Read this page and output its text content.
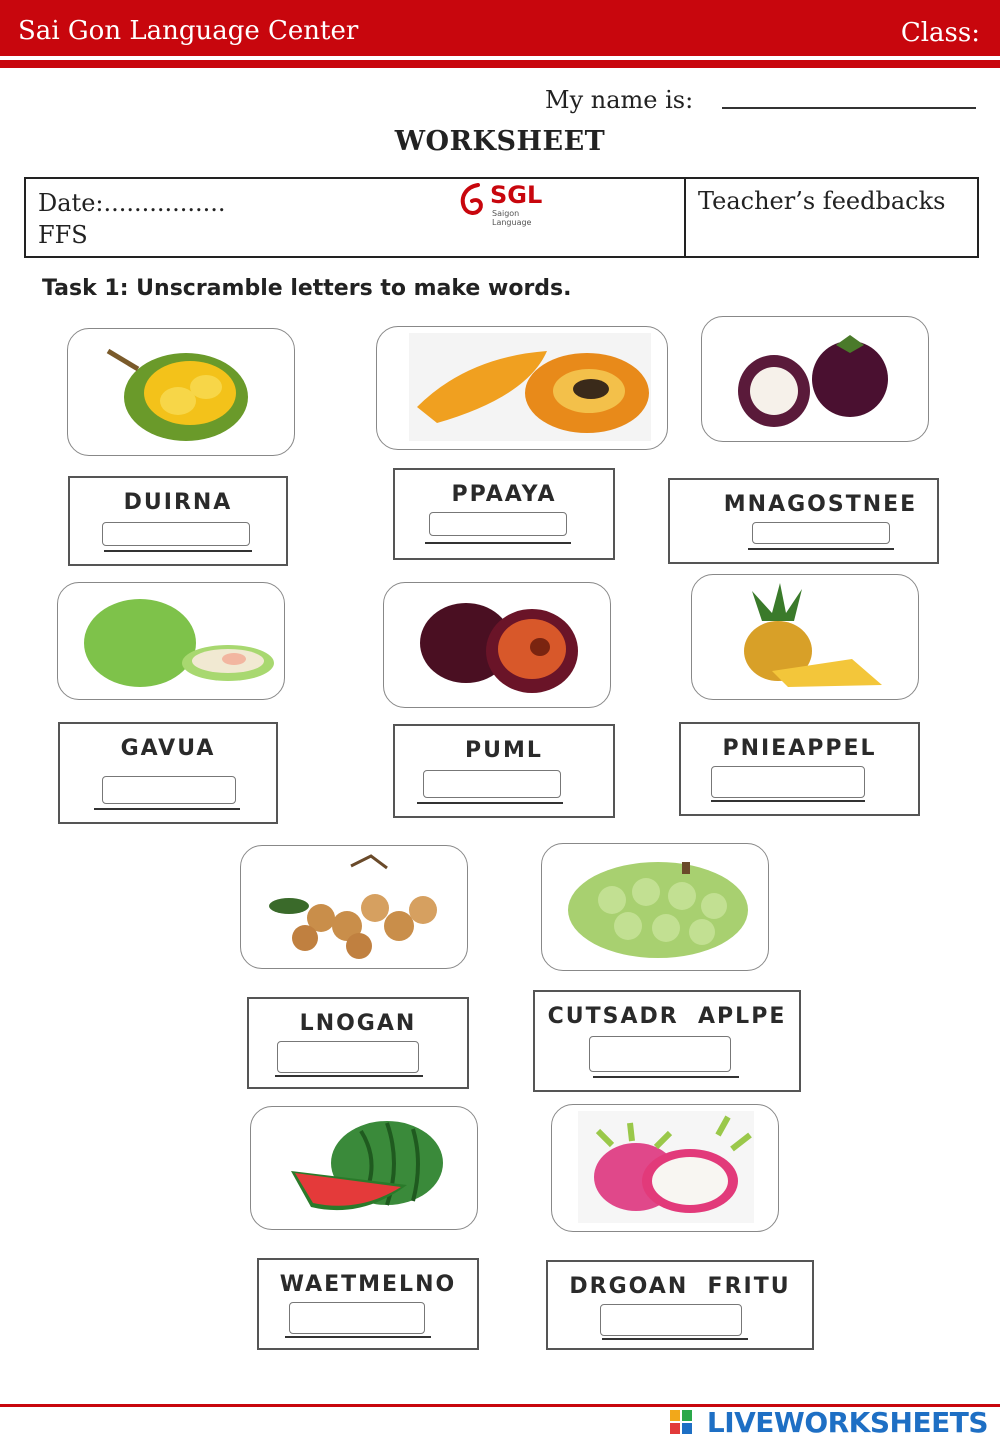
Sai Gon Language Center	Class:
My name is:
WORKSHEET
Date:................
FFS
SGL
Saigon Language
Teacher’s feedbacks
Task 1: Unscramble letters to make words.
DUIRNA	PPAAYA	MNAGOSTNEE
GAVUA	PUML	PNIEAPPEL
LNOGAN	CUTSADR  APLPE
WAETMELNO	DRGOAN  FRITU
LIVEWORKSHEETS
